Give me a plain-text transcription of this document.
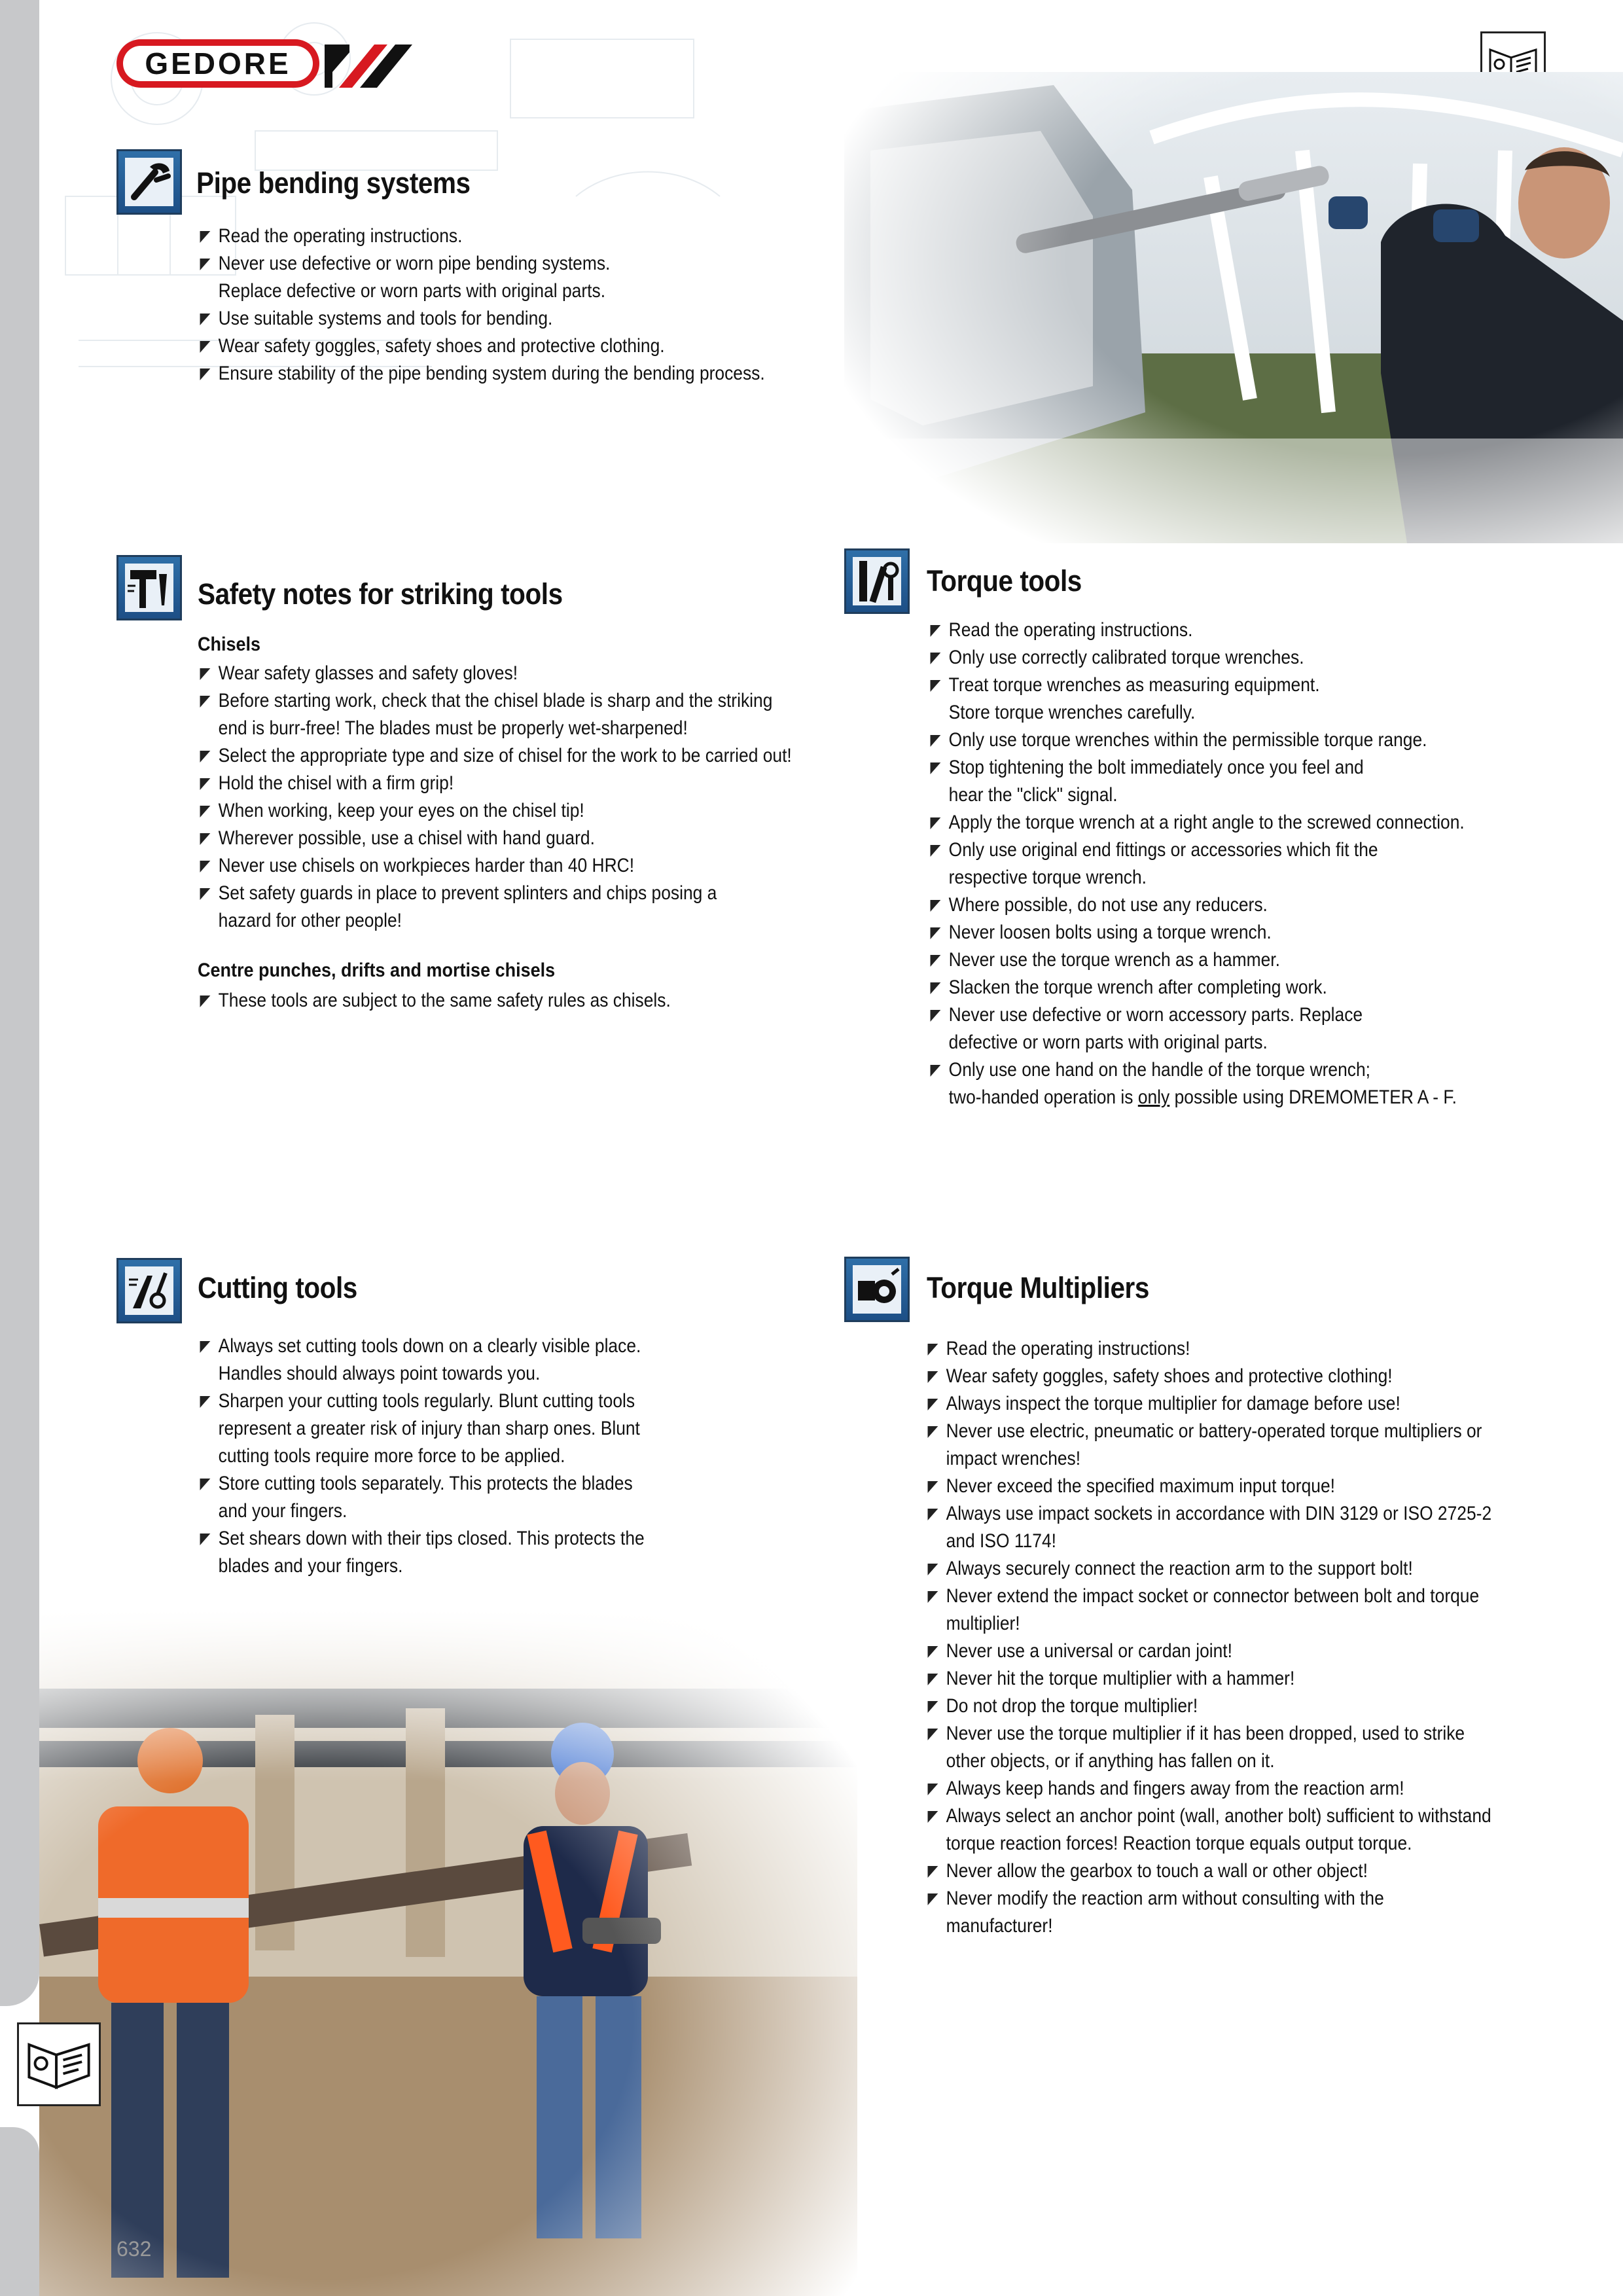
GEDORE
Pipe bending systems
Read the operating instructions.
Never use defective or worn pipe bending systems.
Replace defective or worn parts with original parts.
Use suitable systems and tools for bending.
Wear safety goggles, safety shoes and protective clothing.
Ensure stability of the pipe bending system during the bending process.
Safety notes for striking tools
Chisels
Wear safety glasses and safety gloves!
Before starting work, check that the chisel blade is sharp and the striking
end is burr-free! The blades must be properly wet-sharpened!
Select the appropriate type and size of chisel for the work to be carried out!
Hold the chisel with a firm grip!
When working, keep your eyes on the chisel tip!
Wherever possible, use a chisel with hand guard.
Never use chisels on workpieces harder than 40 HRC!
Set safety guards in place to prevent splinters and chips posing a
hazard for other people!
Centre punches, drifts and mortise chisels
These tools are subject to the same safety rules as chisels.
Torque tools
Read the operating instructions.
Only use correctly calibrated torque wrenches.
Treat torque wrenches as measuring equipment.
Store torque wrenches carefully.
Only use torque wrenches within the permissible torque range.
Stop tightening the bolt immediately once you feel and
hear the "click" signal.
Apply the torque wrench at a right angle to the screwed connection.
Only use original end fittings or accessories which fit the
respective torque wrench.
Where possible, do not use any reducers.
Never loosen bolts using a torque wrench.
Never use the torque wrench as a hammer.
Slacken the torque wrench after completing work.
Never use defective or worn accessory parts. Replace
defective or worn parts with original parts.
Only use one hand on the handle of the torque wrench;
two-handed operation is only possible using DREMOMETER A - F.
Cutting tools
Always set cutting tools down on a clearly visible place.
Handles should always point towards you.
Sharpen your cutting tools regularly. Blunt cutting tools
represent a greater risk of injury than sharp ones. Blunt
cutting tools require more force to be applied.
Store cutting tools separately. This protects the blades
and your fingers.
Set shears down with their tips closed. This protects the
blades and your fingers.
Torque Multipliers
Read the operating instructions!
Wear safety goggles, safety shoes and protective clothing!
Always inspect the torque multiplier for damage before use!
Never use electric, pneumatic or battery-operated torque multipliers or
impact wrenches!
Never exceed the specified maximum input torque!
Always use impact sockets in accordance with DIN 3129 or ISO 2725-2
and ISO 1174!
Always securely connect the reaction arm to the support bolt!
Never extend the impact socket or connector between bolt and torque
multiplier!
Never use a universal or cardan joint!
Never hit the torque multiplier with a hammer!
Do not drop the torque multiplier!
Never use the torque multiplier if it has been dropped, used to strike
other objects, or if anything has fallen on it.
Always keep hands and fingers away from the reaction arm!
Always select an anchor point (wall, another bolt) sufficient to withstand
torque reaction forces! Reaction torque equals output torque.
Never allow the gearbox to touch a wall or other object!
Never modify the reaction arm without consulting with the
manufacturer!
632
